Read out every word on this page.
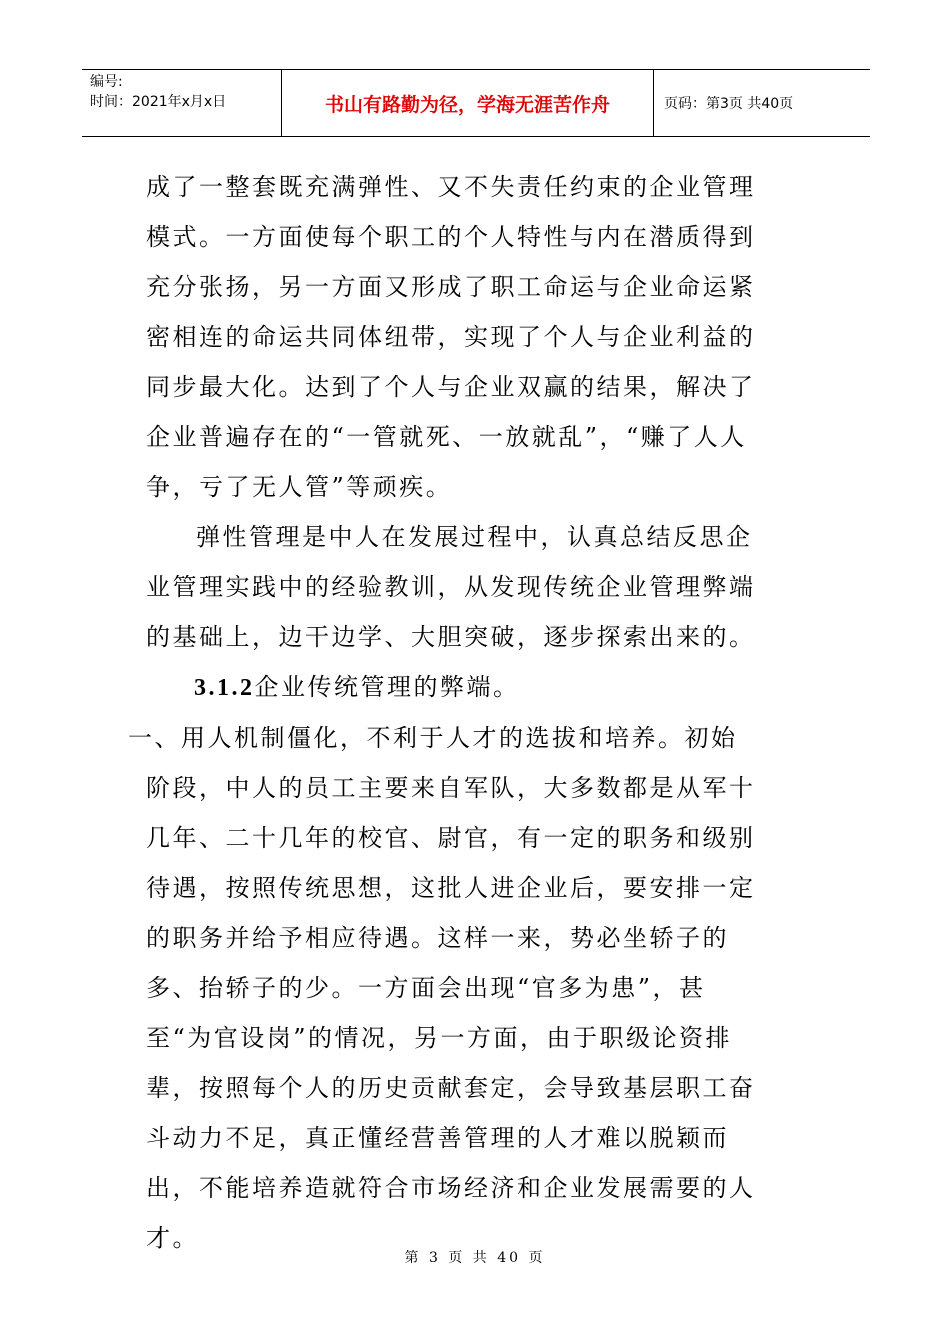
编号:
时间：2021年x月x日	书山有路勤为径，学海无涯苦作舟	页码：第3页 共40页

成了一整套既充满弹性、又不失责任约束的企业管理模式。一方面使每个职工的个人特性与内在潜质得到充分张扬，另一方面又形成了职工命运与企业命运紧密相连的命运共同体纽带，实现了个人与企业利益的同步最大化。达到了个人与企业双赢的结果，解决了企业普遍存在的“一管就死、一放就乱”，“赚了人人争，亏了无人管”等顽疾。

弹性管理是中人在发展过程中，认真总结反思企业管理实践中的经验教训，从发现传统企业管理弊端的基础上，边干边学、大胆突破，逐步探索出来的。

3.1.2企业传统管理的弊端。

一、用人机制僵化，不利于人才的选拔和培养。初始阶段，中人的员工主要来自军队，大多数都是从军十几年、二十几年的校官、尉官，有一定的职务和级别待遇，按照传统思想，这批人进企业后，要安排一定的职务并给予相应待遇。这样一来，势必坐轿子的多、抬轿子的少。一方面会出现“官多为患”，甚至“为官设岗”的情况，另一方面，由于职级论资排辈，按照每个人的历史贡献套定，会导致基层职工奋斗动力不足，真正懂经营善管理的人才难以脱颖而出，不能培养造就符合市场经济和企业发展需要的人才。

第 3 页 共 40 页
